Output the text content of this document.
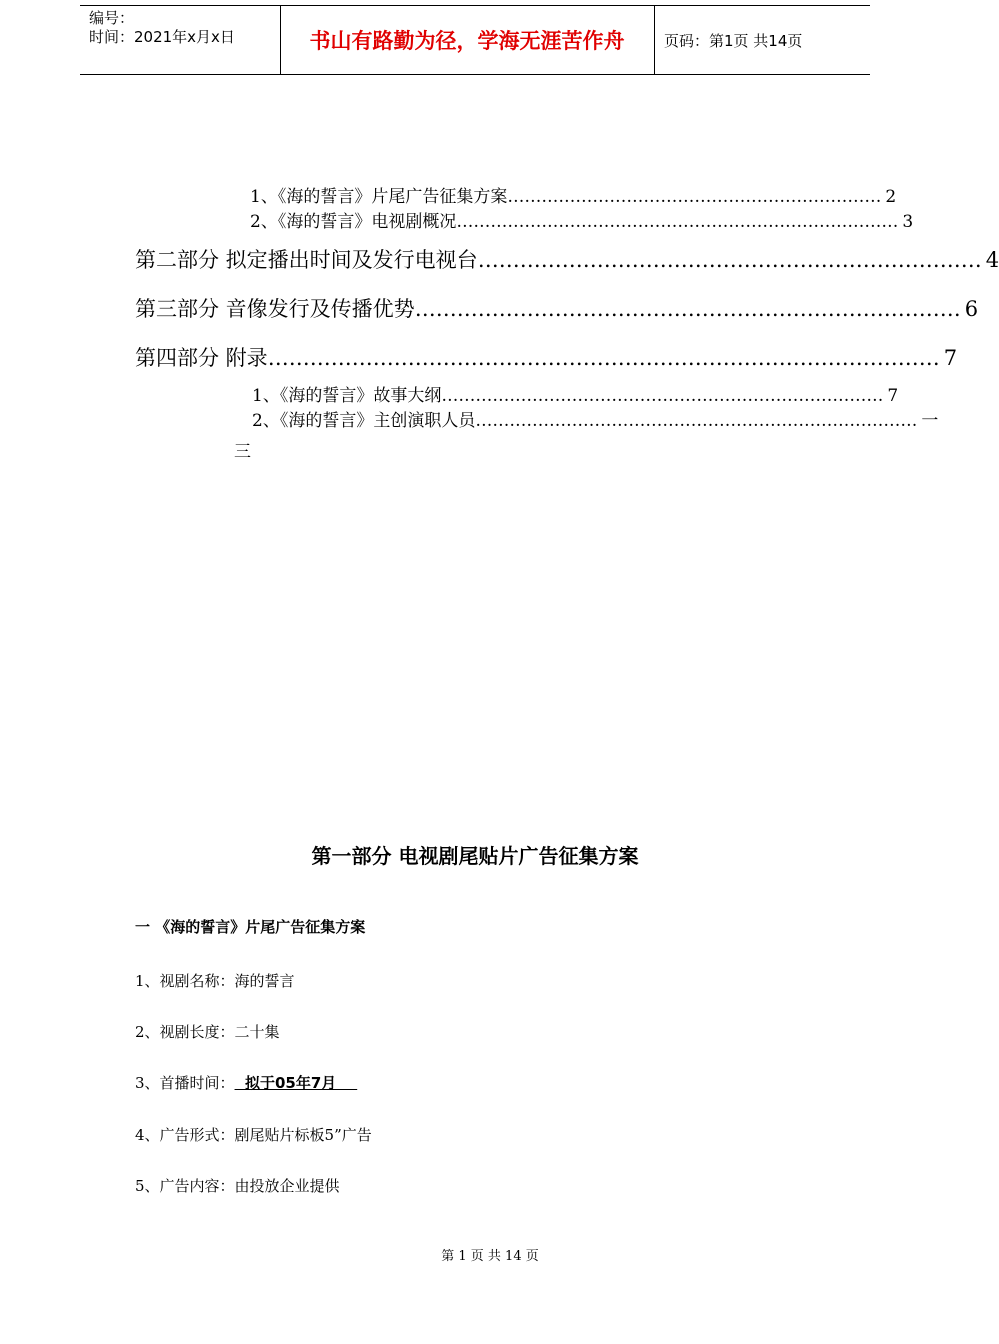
编号：
时间：2021年x月x日	书山有路勤为径，学海无涯苦作舟	页码：第1页 共14页
1、《海的誓言》片尾广告征集方案 ………………………………………………………… 2
2、《海的誓言》电视剧概况 …………………………………………………………………… 3
第二部分 拟定播出时间及发行电视台 ……………………………………………………………… 4
第三部分 音像发行及传播优势 …………………………………………………………………… 6
第四部分 附录 …………………………………………………………………………………… 7
1、《海的誓言》故事大纲 …………………………………………………………………… 7
2、《海的誓言》主创演职人员 …………………………………………………………………… 一
三
第一部分 电视剧尾贴片广告征集方案
一 《海的誓言》片尾广告征集方案
1、视剧名称：海的誓言
2、视剧长度：二十集
3、首播时间：  拟于05年7月
4、广告形式：剧尾贴片标板5”广告
5、广告内容：由投放企业提供
第 1 页 共 14 页
